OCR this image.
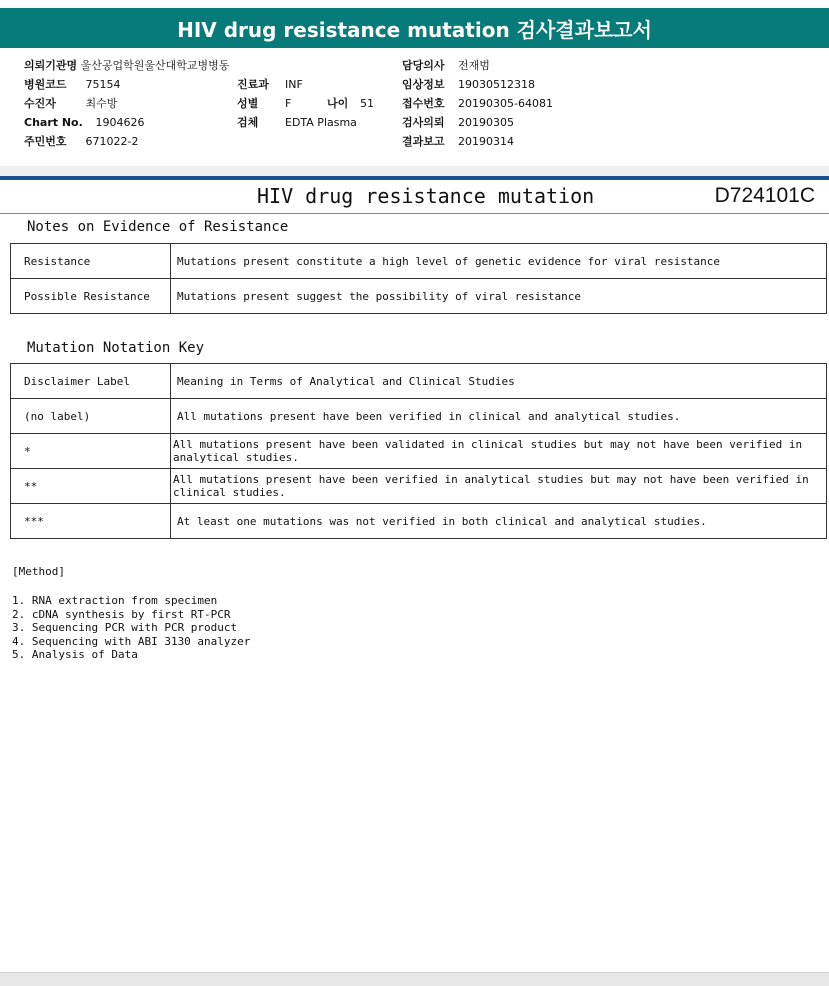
HIV drug resistance mutation 검사결과보고서
의뢰기관명 울산공업학원울산대학교병병동
병원코드 75154
수진자	최수방
Chart No. 1904626
주민번호 671022-2
진료과 INF
성별 F	나이 51
검체 EDTA Plasma
담당의사 전재범
임상정보 19030512318
접수번호 20190305-64081
검사의뢰 20190305
결과보고 20190314
HIV drug resistance mutation	D724101C
Notes on Evidence of Resistance
Resistance	Mutations present constitute a high level of genetic evidence for viral resistance
Possible Resistance	Mutations present suggest the possibility of viral resistance
Mutation Notation Key
Disclaimer Label	Meaning in Terms of Analytical and Clinical Studies
(no label)	All mutations present have been verified in clinical and analytical studies.
*	All mutations present have been validated in clinical studies but may not have been verified in analytical studies.
**	All mutations present have been verified in analytical studies but may not have been verified in clinical studies.
***	At least one mutations was not verified in both clinical and analytical studies.
[Method]
1. RNA extraction from specimen
2. cDNA synthesis by first RT-PCR
3. Sequencing PCR with PCR product
4. Sequencing with ABI 3130 analyzer
5. Analysis of Data
